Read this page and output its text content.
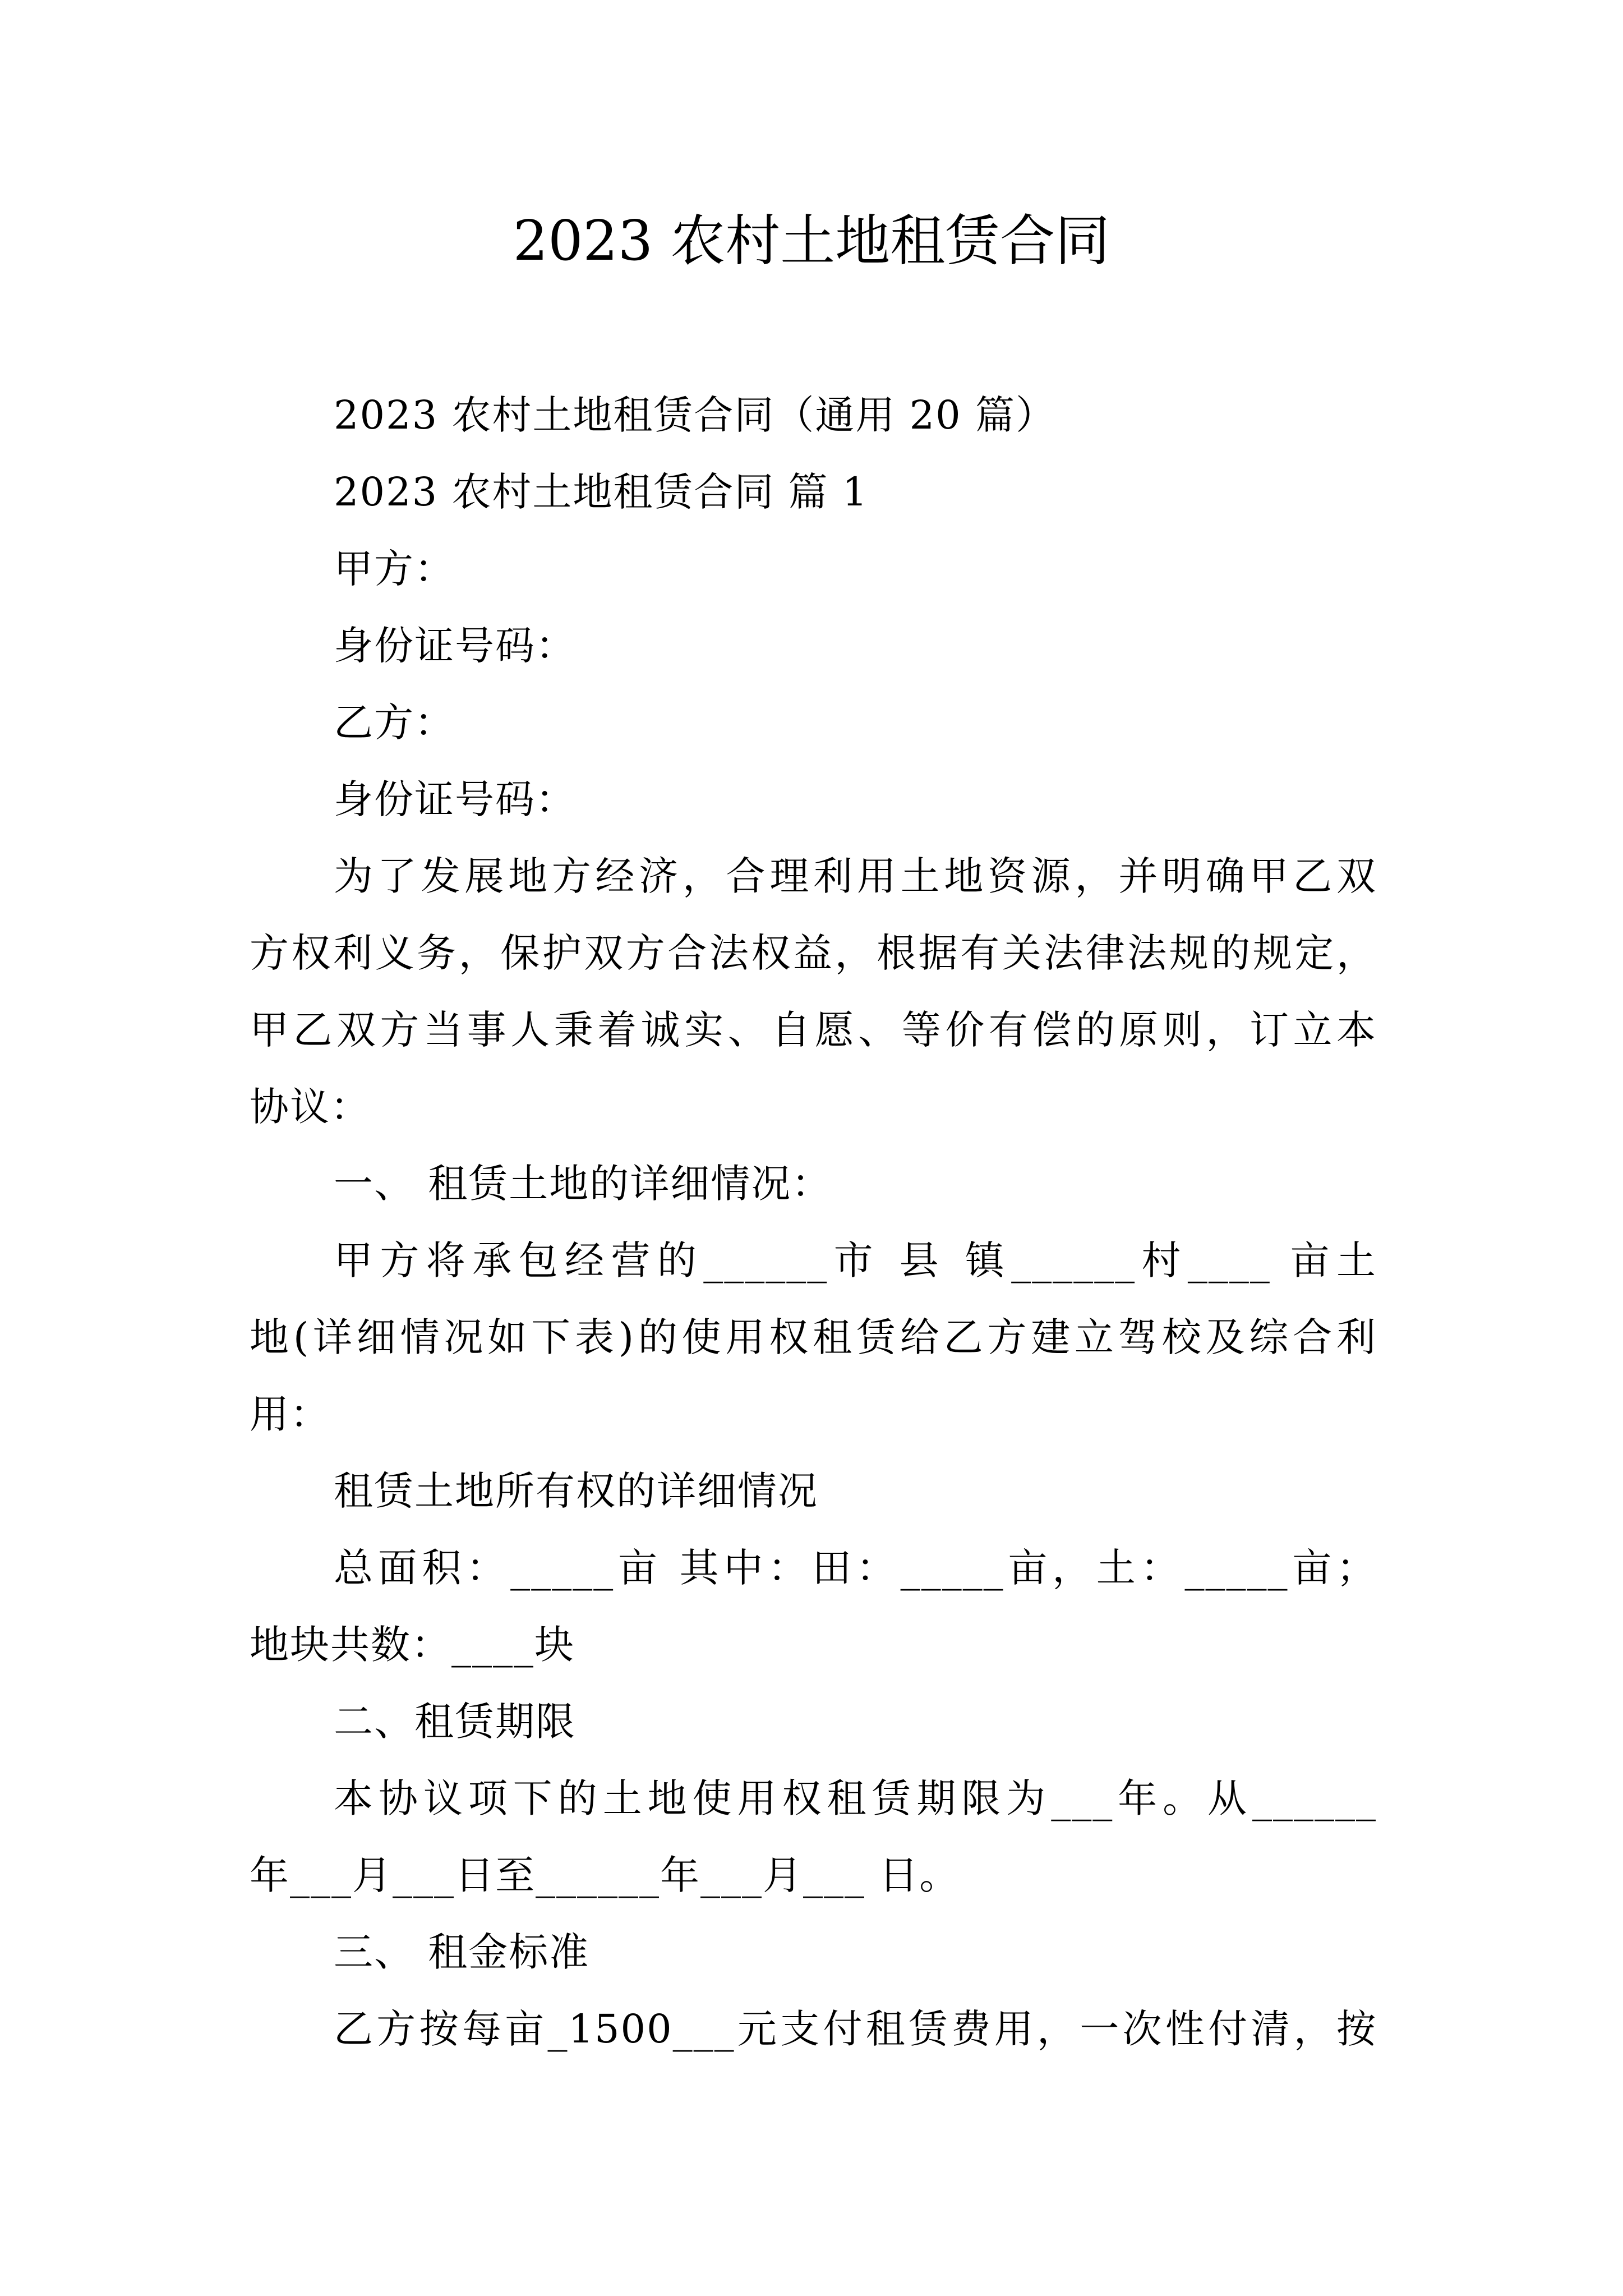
2023 农村土地租赁合同
2023 农村土地租赁合同（通用 20 篇）
2023 农村土地租赁合同 篇 1
甲方：
身份证号码：
乙方：
身份证号码：
为了发展地方经济，合理利用土地资源，并明确甲乙双
方权利义务，保护双方合法权益，根据有关法律法规的规定，
甲乙双方当事人秉着诚实、自愿、等价有偿的原则，订立本
协议：
一、 租赁土地的详细情况：
甲方将承包经营的______市 县 镇______村____ 亩土
地(详细情况如下表)的使用权租赁给乙方建立驾校及综合利
用：
租赁土地所有权的详细情况
总面积：_____亩 其中：田：_____亩，土：_____亩；
地块共数：____块
二、租赁期限
本协议项下的土地使用权租赁期限为___年。从______
年___月___日至______年___月___ 日。
三、 租金标准
乙方按每亩_1500___元支付租赁费用，一次性付清，按
